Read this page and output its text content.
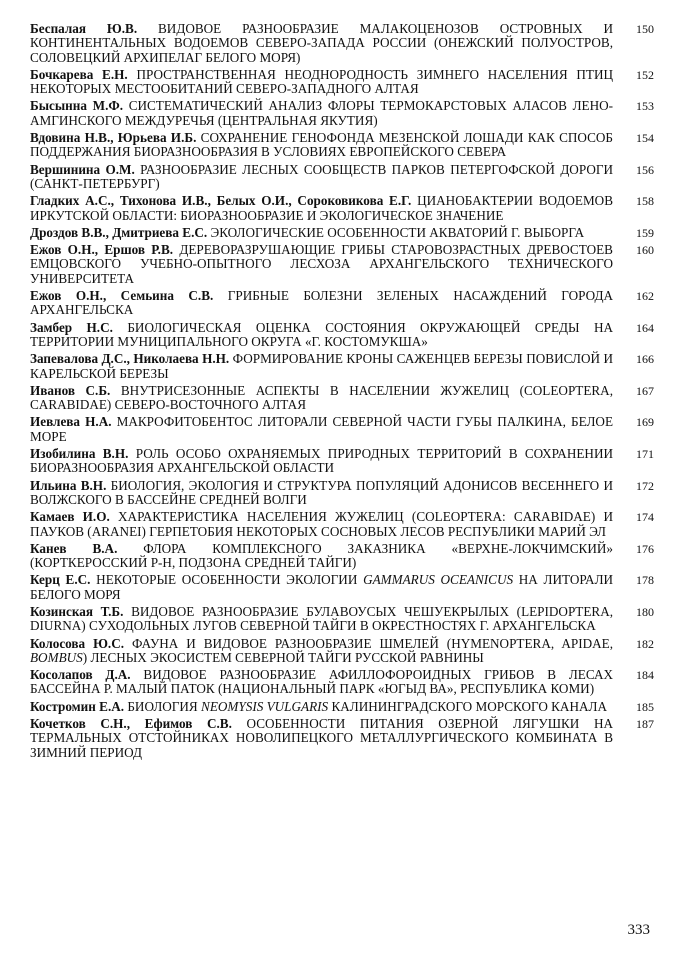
Беспалая Ю.В. ВИДОВОЕ РАЗНООБРАЗИЕ МАЛАКОЦЕНОЗОВ ОСТРОВНЫХ И КОНТИНЕНТАЛЬНЫХ ВОДОЕМОВ СЕВЕРО-ЗАПАДА РОССИИ (ОНЕЖСКИЙ ПОЛУОСТРОВ, СОЛОВЕЦКИЙ АРХИПЕЛАГ БЕЛОГО МОРЯ)
150
Бочкарева Е.Н. ПРОСТРАНСТВЕННАЯ НЕОДНОРОДНОСТЬ ЗИМНЕГО НАСЕЛЕНИЯ ПТИЦ НЕКОТОРЫХ МЕСТООБИТАНИЙ СЕВЕРО-ЗАПАДНОГО АЛТАЯ
152
Бысынна М.Ф. СИСТЕМАТИЧЕСКИЙ АНАЛИЗ ФЛОРЫ ТЕРМОКАРСТОВЫХ АЛАСОВ ЛЕНО-АМГИНСКОГО МЕЖДУРЕЧЬЯ (ЦЕНТРАЛЬНАЯ ЯКУТИЯ)
153
Вдовина Н.В., Юрьева И.Б. СОХРАНЕНИЕ ГЕНОФОНДА МЕЗЕНСКОЙ ЛОШАДИ КАК СПОСОБ ПОДДЕРЖАНИЯ БИОРАЗНООБРАЗИЯ В УСЛОВИЯХ ЕВРОПЕЙСКОГО СЕВЕРА
154
Вершинина О.М. РАЗНООБРАЗИЕ ЛЕСНЫХ СООБЩЕСТВ ПАРКОВ ПЕТЕРГОФСКОЙ ДОРОГИ (САНКТ-ПЕТЕРБУРГ)
156
Гладких А.С., Тихонова И.В., Белых О.И., Сороковикова Е.Г. ЦИАНОБАКТЕРИИ ВОДОЕМОВ ИРКУТСКОЙ ОБЛАСТИ: БИОРАЗНООБРАЗИЕ И ЭКОЛОГИЧЕСКОЕ ЗНАЧЕНИЕ
158
Дроздов В.В., Дмитриева Е.С. ЭКОЛОГИЧЕСКИЕ ОСОБЕННОСТИ АКВАТОРИЙ Г. ВЫБОРГА	159
Ежов О.Н., Ершов Р.В. ДЕРЕВОРАЗРУШАЮЩИЕ ГРИБЫ СТАРОВОЗРАСТНЫХ ДРЕВОСТОЕВ ЕМЦОВСКОГО УЧЕБНО-ОПЫТНОГО ЛЕСХОЗА АРХАНГЕЛЬСКОГО ТЕХНИЧЕСКОГО УНИВЕРСИТЕТА
160
Ежов О.Н., Семьина С.В. ГРИБНЫЕ БОЛЕЗНИ ЗЕЛЕНЫХ НАСАЖДЕНИЙ ГОРОДА АРХАНГЕЛЬСКА
162
Замбер Н.С. БИОЛОГИЧЕСКАЯ ОЦЕНКА СОСТОЯНИЯ ОКРУЖАЮЩЕЙ СРЕДЫ НА ТЕРРИТОРИИ МУНИЦИПАЛЬНОГО ОКРУГА «Г. КОСТОМУКША»
164
Запевалова Д.С., Николаева Н.Н. ФОРМИРОВАНИЕ КРОНЫ САЖЕНЦЕВ БЕРЕЗЫ ПОВИСЛОЙ И КАРЕЛЬСКОЙ БЕРЕЗЫ
166
Иванов С.Б. ВНУТРИСЕЗОННЫЕ АСПЕКТЫ В НАСЕЛЕНИИ ЖУЖЕЛИЦ (COLEOPTERA, CARABIDAE) СЕВЕРО-ВОСТОЧНОГО АЛТАЯ
167
Иевлева Н.А. МАКРОФИТОБЕНТОС ЛИТОРАЛИ СЕВЕРНОЙ ЧАСТИ ГУБЫ ПАЛКИНА, БЕЛОЕ МОРЕ
169
Изобилина В.Н. РОЛЬ ОСОБО ОХРАНЯЕМЫХ ПРИРОДНЫХ ТЕРРИТОРИЙ В СОХРАНЕНИИ БИОРАЗНООБРАЗИЯ АРХАНГЕЛЬСКОЙ ОБЛАСТИ
171
Ильина В.Н. БИОЛОГИЯ, ЭКОЛОГИЯ И СТРУКТУРА ПОПУЛЯЦИЙ АДОНИСОВ ВЕСЕННЕГО И ВОЛЖСКОГО В БАССЕЙНЕ СРЕДНЕЙ ВОЛГИ
172
Камаев И.О. ХАРАКТЕРИСТИКА НАСЕЛЕНИЯ ЖУЖЕЛИЦ (COLEOPTERA: CARABIDAE) И ПАУКОВ (ARANEI) ГЕРПЕТОБИЯ НЕКОТОРЫХ СОСНОВЫХ ЛЕСОВ РЕСПУБЛИКИ МАРИЙ ЭЛ
174
Канев В.А. ФЛОРА КОМПЛЕКСНОГО ЗАКАЗНИКА «ВЕРХНЕ-ЛОКЧИМСКИЙ» (КОРТКЕРОССКИЙ Р-Н, ПОДЗОНА СРЕДНЕЙ ТАЙГИ)
176
Керц Е.С. НЕКОТОРЫЕ ОСОБЕННОСТИ ЭКОЛОГИИ GAMMARUS OCEANICUS НА ЛИТОРАЛИ БЕЛОГО МОРЯ
178
Козинская Т.Б. ВИДОВОЕ РАЗНООБРАЗИЕ БУЛАВОУСЫХ ЧЕШУЕКРЫЛЫХ (LEPIDOPTERA, DIURNA) СУХОДОЛЬНЫХ ЛУГОВ СЕВЕРНОЙ ТАЙГИ В ОКРЕСТНОСТЯХ Г. АРХАНГЕЛЬСКА
180
Колосова Ю.С. ФАУНА И ВИДОВОЕ РАЗНООБРАЗИЕ ШМЕЛЕЙ (HYMENOPTERA, APIDAE, BOMBUS) ЛЕСНЫХ ЭКОСИСТЕМ СЕВЕРНОЙ ТАЙГИ РУССКОЙ РАВНИНЫ
182
Косолапов Д.А. ВИДОВОЕ РАЗНООБРАЗИЕ АФИЛЛОФОРОИДНЫХ ГРИБОВ В ЛЕСАХ БАССЕЙНА Р. МАЛЫЙ ПАТОК (НАЦИОНАЛЬНЫЙ ПАРК «ЮГЫД ВА», РЕСПУБЛИКА КОМИ)
184
Костромин Е.А. БИОЛОГИЯ NEOMYSIS VULGARIS КАЛИНИНГРАДСКОГО МОРСКОГО КАНАЛА	185
Кочетков С.Н., Ефимов С.В. ОСОБЕННОСТИ ПИТАНИЯ ОЗЕРНОЙ ЛЯГУШКИ НА ТЕРМАЛЬНЫХ ОТСТОЙНИКАХ НОВОЛИПЕЦКОГО МЕТАЛЛУРГИЧЕСКОГО КОМБИНАТА В ЗИМНИЙ ПЕРИОД
187
333
